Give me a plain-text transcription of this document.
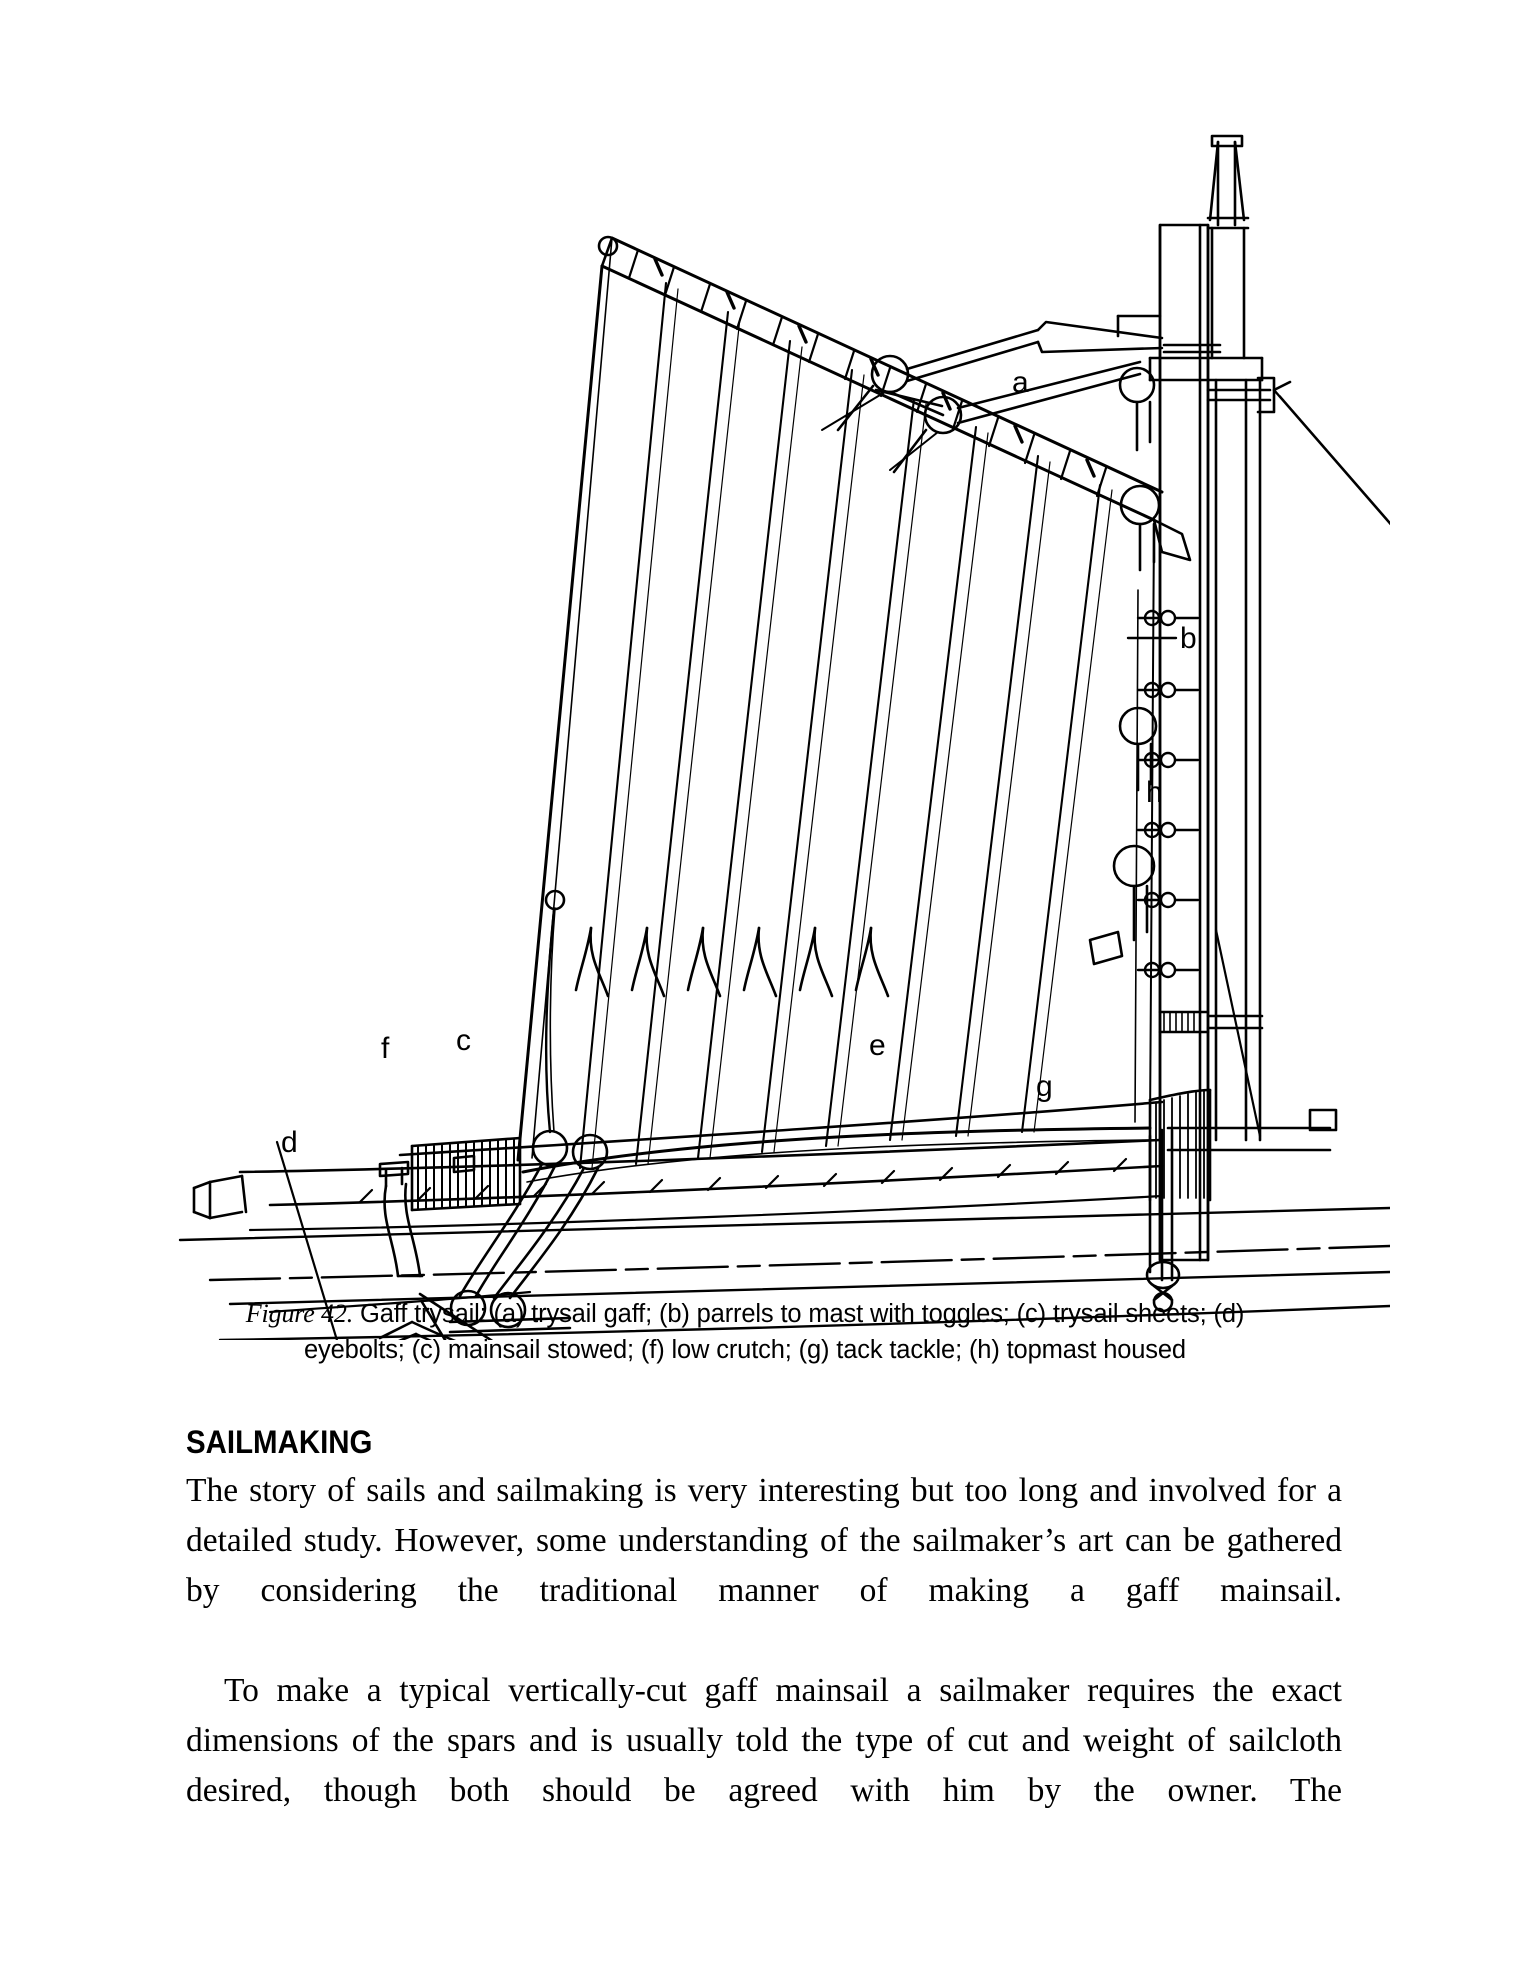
a
b
c
d
e
f
g
h
Figure 42. Gaff trysail: (a) trysail gaff; (b) parrels to mast with toggles; (c) trysail sheets; (d)
eyebolts; (c) mainsail stowed; (f) low crutch; (g) tack tackle; (h) topmast housed
SAILMAKING

The story of sails and sailmaking is very interesting but too long and involved for a detailed study. However, some understanding of the sailmaker’s art can be gathered by considering the traditional manner of making a gaff mainsail.

To make a typical vertically-cut gaff mainsail a sailmaker requires the exact dimensions of the spars and is usually told the type of cut and weight of sailcloth desired, though both should be agreed with him by the owner. The
